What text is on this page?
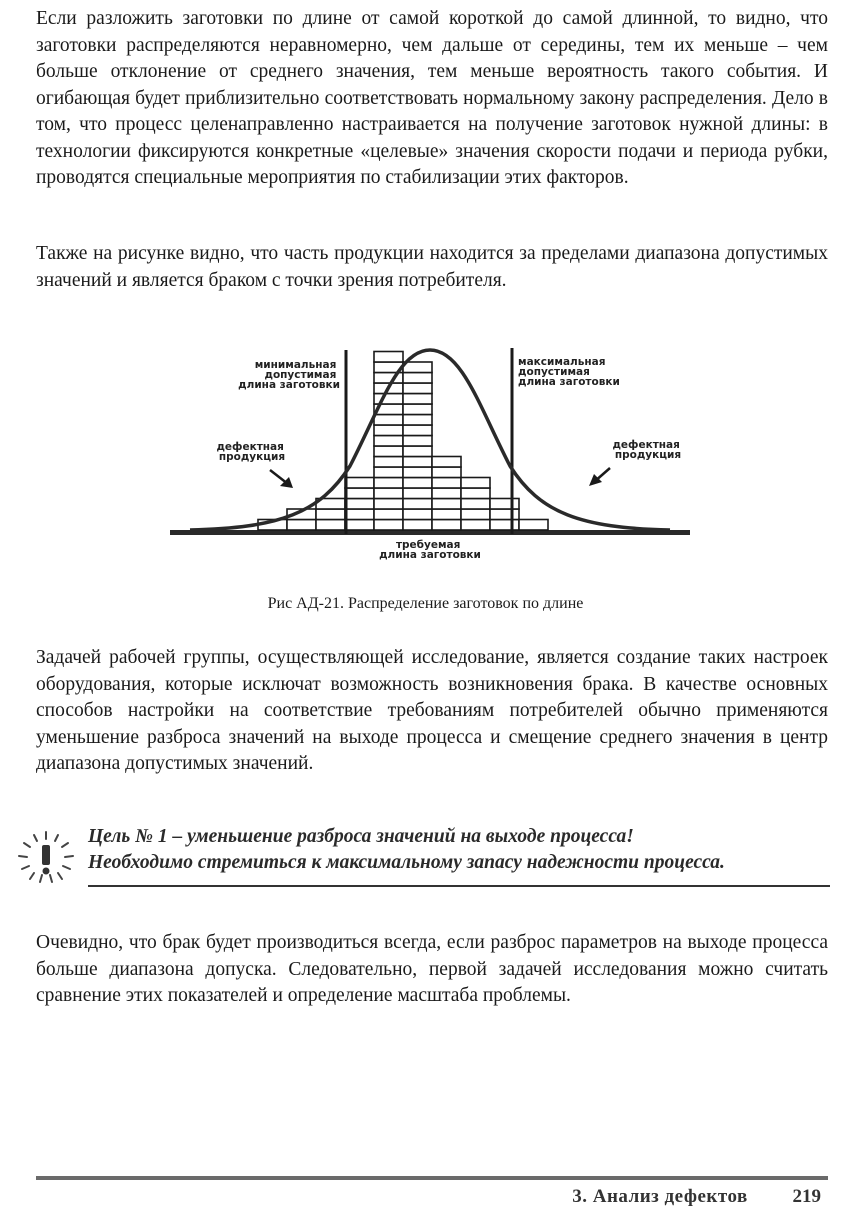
Если разложить заготовки по длине от самой короткой до самой длинной, то видно, что заготовки распределяются неравномерно, чем дальше от середины, тем их меньше – чем больше отклонение от среднего значения, тем меньше вероятность такого события. И огибающая будет приблизительно соответствовать нормальному закону распределения. Дело в том, что процесс целенаправленно настраивается на получение заготовок нужной длины: в технологии фиксируются конкретные «целевые» значения скорости подачи и периода рубки, проводятся специальные мероприятия по стабилизации этих факторов.

Также на рисунке видно, что часть продукции находится за пределами диапазона допустимых значений и является браком с точки зрения потребителя.

минимальная допустимая длина заготовки
максимальная допустимая длина заготовки
дефектная продукция
дефектная продукция
требуемая длина заготовки
Рис АД-21. Распределение заготовок по длине

Задачей рабочей группы, осуществляющей исследование, является создание таких настроек оборудования, которые исключат возможность возникновения брака. В качестве основных способов настройки на соответствие требованиям потребителей обычно применяются уменьшение разброса значений на выходе процесса и смещение среднего значения в центр диапазона допустимых значений.

Цель № 1 – уменьшение разброса значений на выходе процесса!
Необходимо стремиться к максимальному запасу надежности процесса.

Очевидно, что брак будет производиться всегда, если разброс параметров на выходе процесса больше диапазона допуска. Следовательно, первой задачей исследования можно считать сравнение этих показателей и определение масштаба проблемы.

3. Анализ дефектов 219
